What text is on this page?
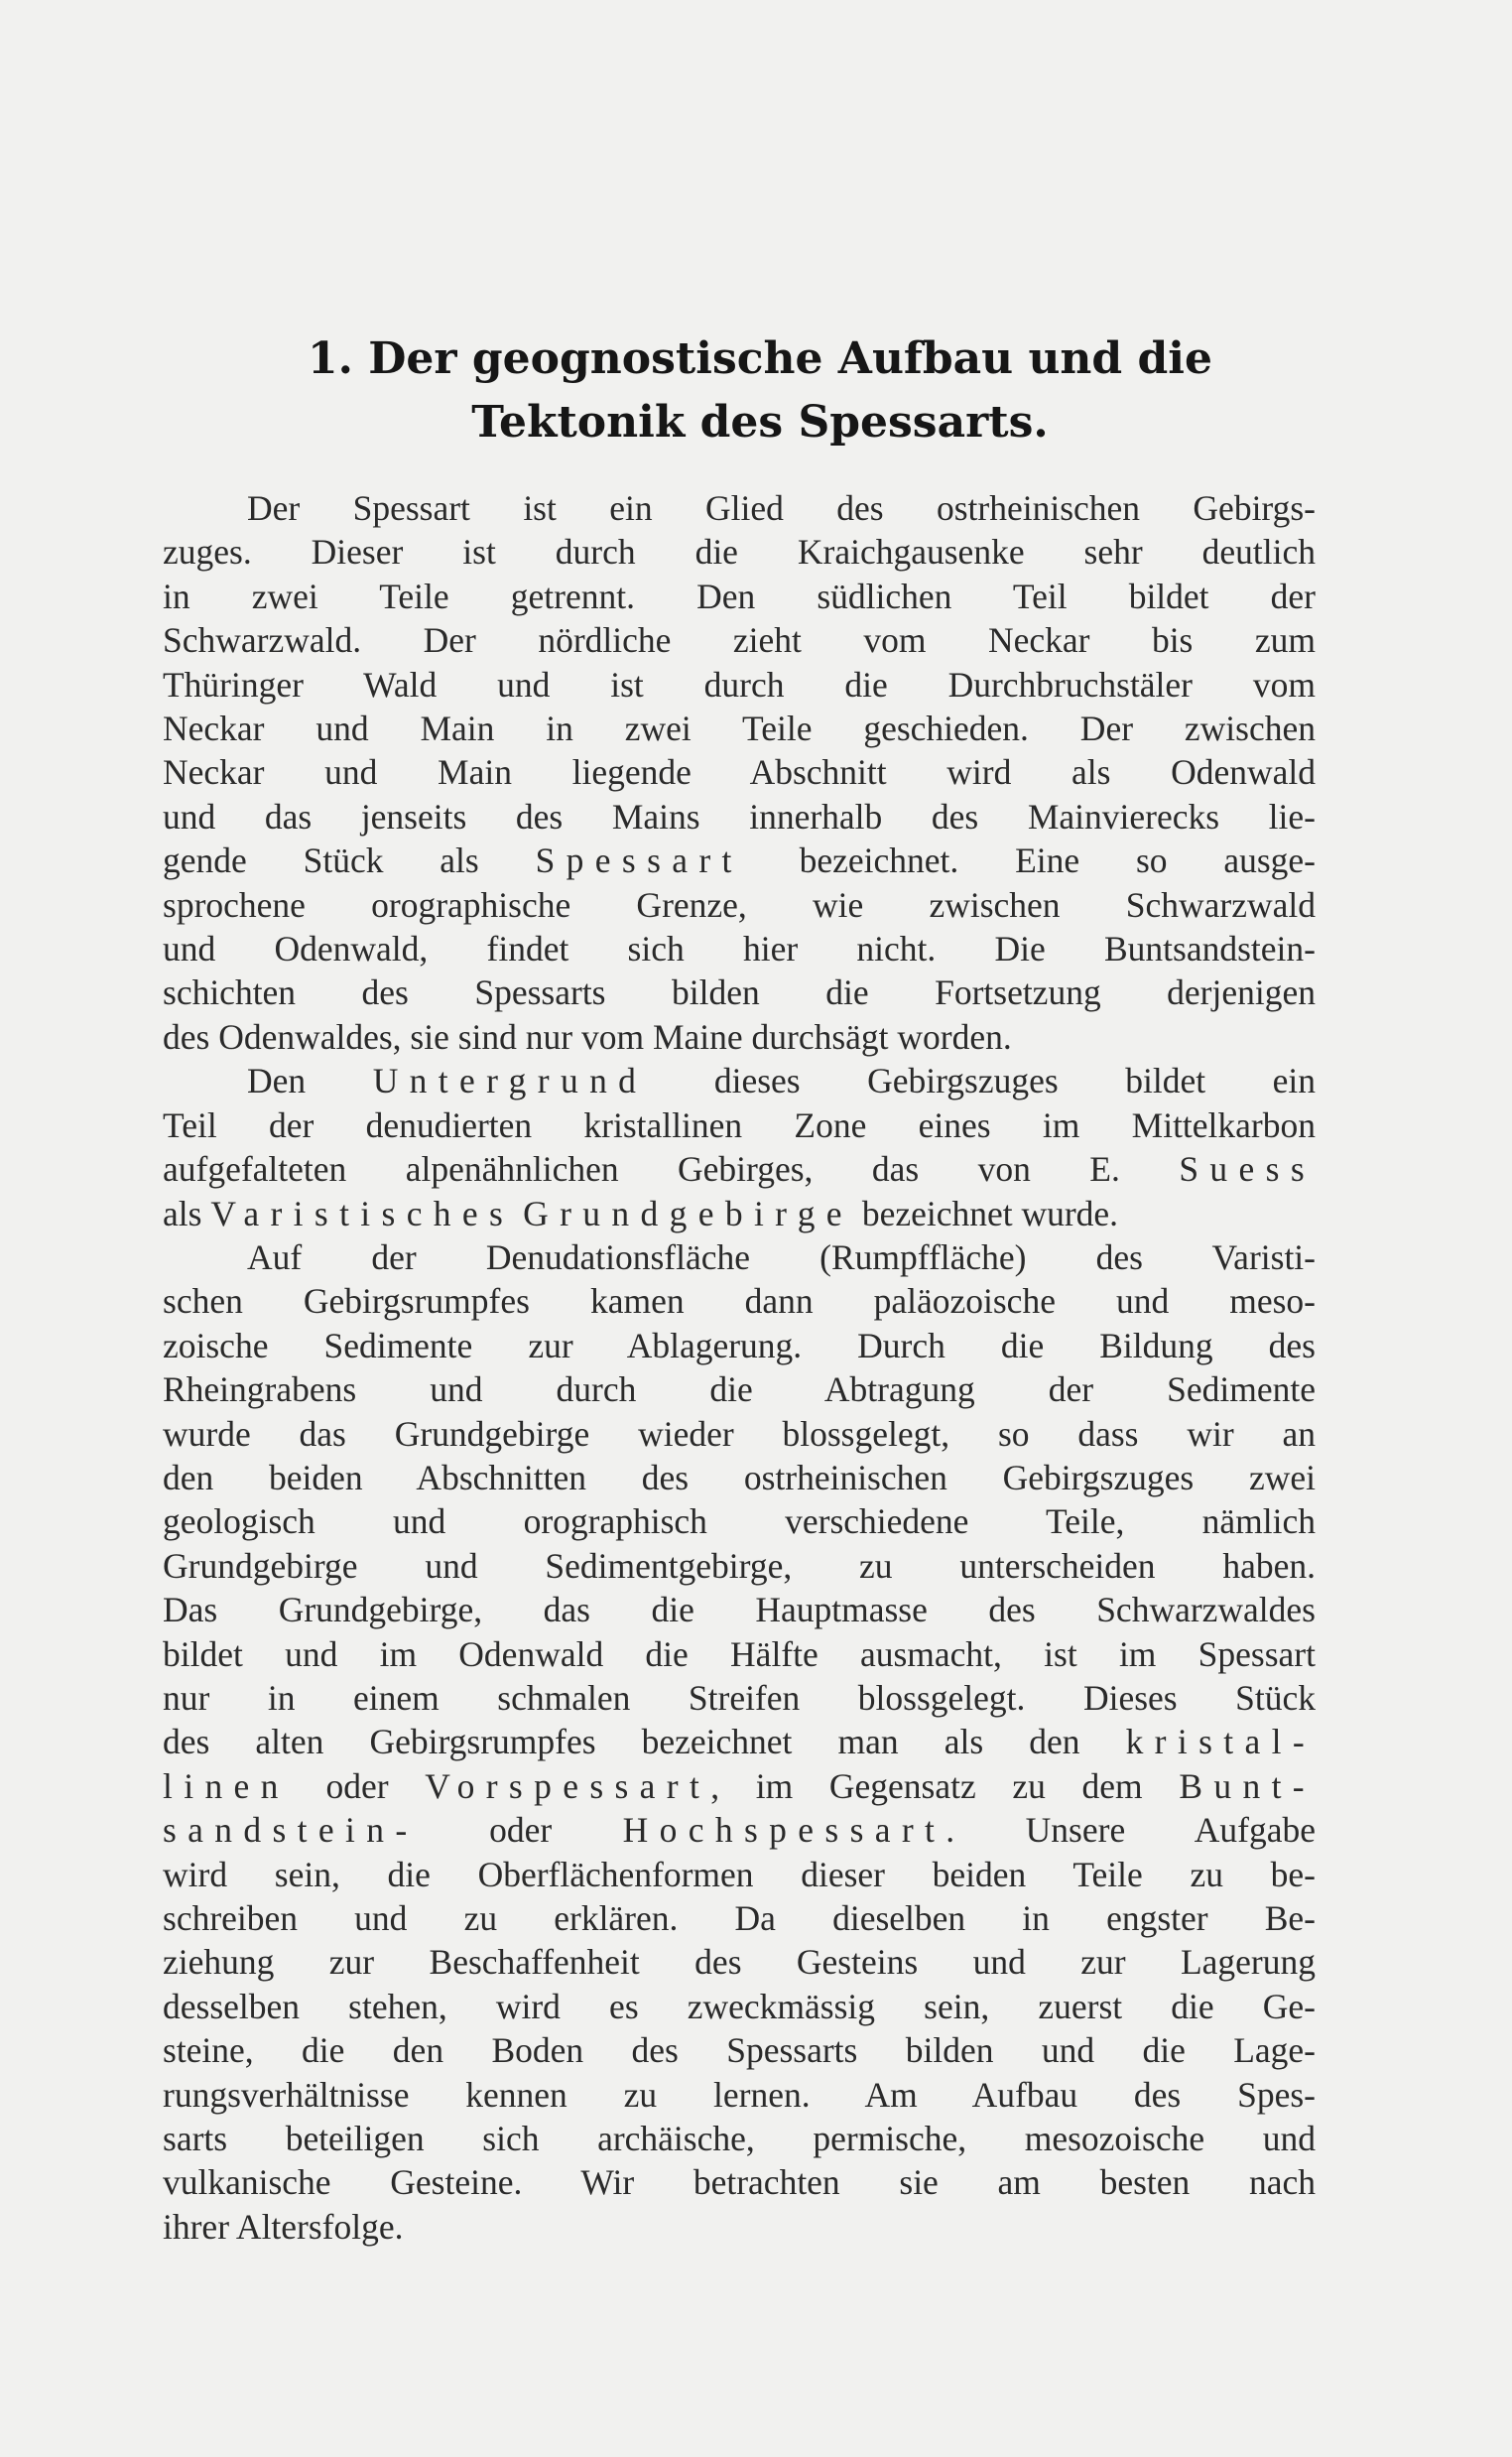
1. Der geognostische Aufbau und die
Tektonik des Spessarts.
Der Spessart ist ein Glied des ostrheinischen Gebirgs-
zuges. Dieser ist durch die Kraichgausenke sehr deutlich
in zwei Teile getrennt. Den südlichen Teil bildet der
Schwarzwald. Der nördliche zieht vom Neckar bis zum
Thüringer Wald und ist durch die Durchbruchstäler vom
Neckar und Main in zwei Teile geschieden. Der zwischen
Neckar und Main liegende Abschnitt wird als Odenwald
und das jenseits des Mains innerhalb des Mainvierecks lie-
gende Stück als Spessart bezeichnet. Eine so ausge-
sprochene orographische Grenze, wie zwischen Schwarzwald
und Odenwald, findet sich hier nicht. Die Buntsandstein-
schichten des Spessarts bilden die Fortsetzung derjenigen
des Odenwaldes, sie sind nur vom Maine durchsägt worden.
Den Untergrund dieses Gebirgszuges bildet ein
Teil der denudierten kristallinen Zone eines im Mittelkarbon
aufgefalteten alpenähnlichen Gebirges, das von E. Suess
als Varistisches Grundgebirge bezeichnet wurde.
Auf der Denudationsfläche (Rumpffläche) des Varisti-
schen Gebirgsrumpfes kamen dann paläozoische und meso-
zoische Sedimente zur Ablagerung. Durch die Bildung des
Rheingrabens und durch die Abtragung der Sedimente
wurde das Grundgebirge wieder blossgelegt, so dass wir an
den beiden Abschnitten des ostrheinischen Gebirgszuges zwei
geologisch und orographisch verschiedene Teile, nämlich
Grundgebirge und Sedimentgebirge, zu unterscheiden haben.
Das Grundgebirge, das die Hauptmasse des Schwarzwaldes
bildet und im Odenwald die Hälfte ausmacht, ist im Spessart
nur in einem schmalen Streifen blossgelegt. Dieses Stück
des alten Gebirgsrumpfes bezeichnet man als den kristal-
linen oder Vorspessart, im Gegensatz zu dem Bunt-
sandstein- oder Hochspessart. Unsere Aufgabe
wird sein, die Oberflächenformen dieser beiden Teile zu be-
schreiben und zu erklären. Da dieselben in engster Be-
ziehung zur Beschaffenheit des Gesteins und zur Lagerung
desselben stehen, wird es zweckmässig sein, zuerst die Ge-
steine, die den Boden des Spessarts bilden und die Lage-
rungsverhältnisse kennen zu lernen. Am Aufbau des Spes-
sarts beteiligen sich archäische, permische, mesozoische und
vulkanische Gesteine. Wir betrachten sie am besten nach
ihrer Altersfolge.
